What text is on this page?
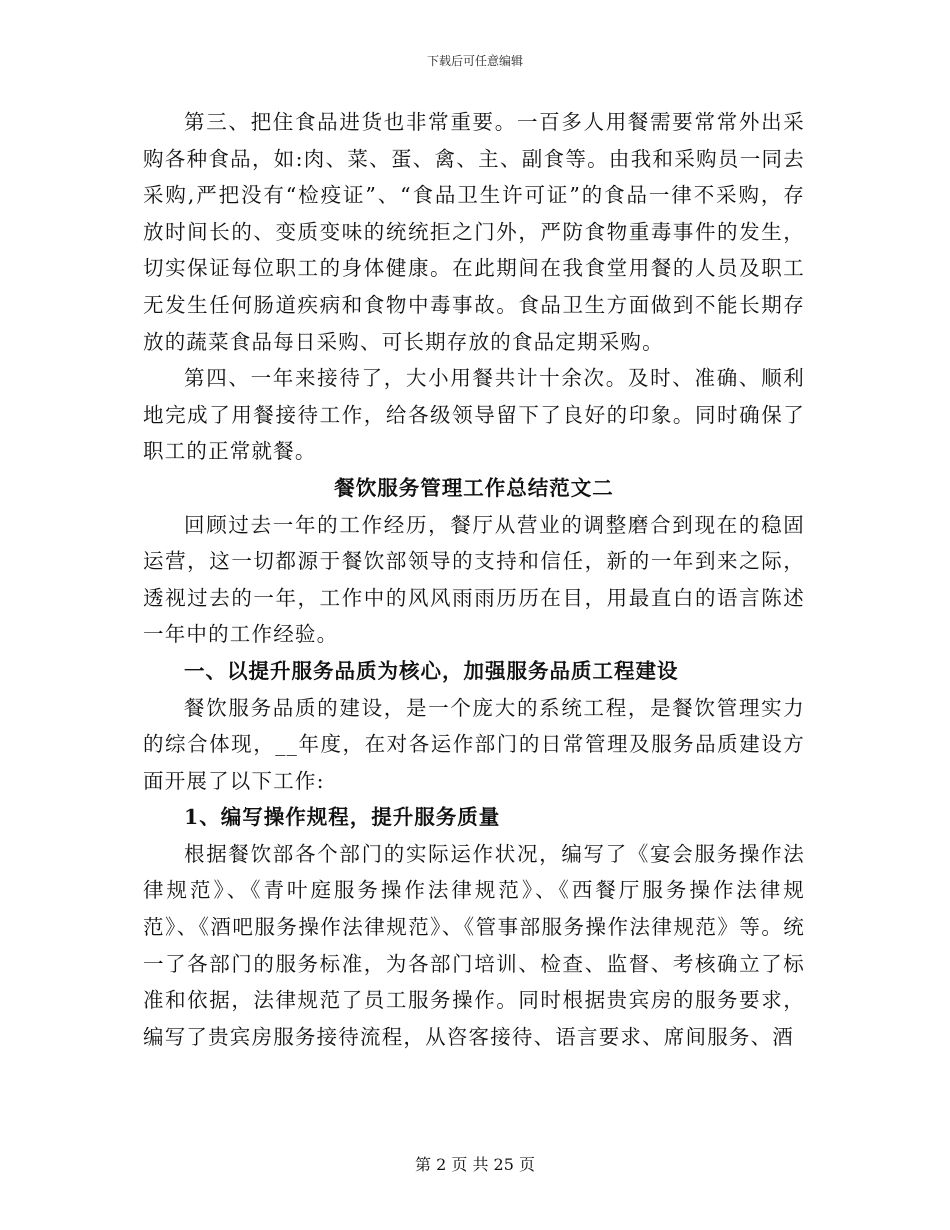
下载后可任意编辑

第三、把住食品进货也非常重要。一百多人用餐需要常常外出采购各种食品，如:肉、菜、蛋、禽、主、副食等。由我和采购员一同去采购,严把没有“检疫证”、“食品卫生许可证”的食品一律不采购，存放时间长的、变质变味的统统拒之门外，严防食物重毒事件的发生，切实保证每位职工的身体健康。在此期间在我食堂用餐的人员及职工无发生任何肠道疾病和食物中毒事故。食品卫生方面做到不能长期存放的蔬菜食品每日采购、可长期存放的食品定期采购。

第四、一年来接待了，大小用餐共计十余次。及时、准确、顺利地完成了用餐接待工作，给各级领导留下了良好的印象。同时确保了职工的正常就餐。

餐饮服务管理工作总结范文二

回顾过去一年的工作经历，餐厅从营业的调整磨合到现在的稳固运营，这一切都源于餐饮部领导的支持和信任，新的一年到来之际，透视过去的一年，工作中的风风雨雨历历在目，用最直白的语言陈述一年中的工作经验。

一、以提升服务品质为核心，加强服务品质工程建设

餐饮服务品质的建设，是一个庞大的系统工程，是餐饮管理实力的综合体现，__年度，在对各运作部门的日常管理及服务品质建设方面开展了以下工作:

1、编写操作规程，提升服务质量

根据餐饮部各个部门的实际运作状况，编写了《宴会服务操作法律规范》、《青叶庭服务操作法律规范》、《西餐厅服务操作法律规范》、《酒吧服务操作法律规范》、《管事部服务操作法律规范》等。统一了各部门的服务标准，为各部门培训、检查、监督、考核确立了标准和依据，法律规范了员工服务操作。同时根据贵宾房的服务要求，编写了贵宾房服务接待流程，从咨客接待、语言要求、席间服务、酒

第 2 页 共 25 页
